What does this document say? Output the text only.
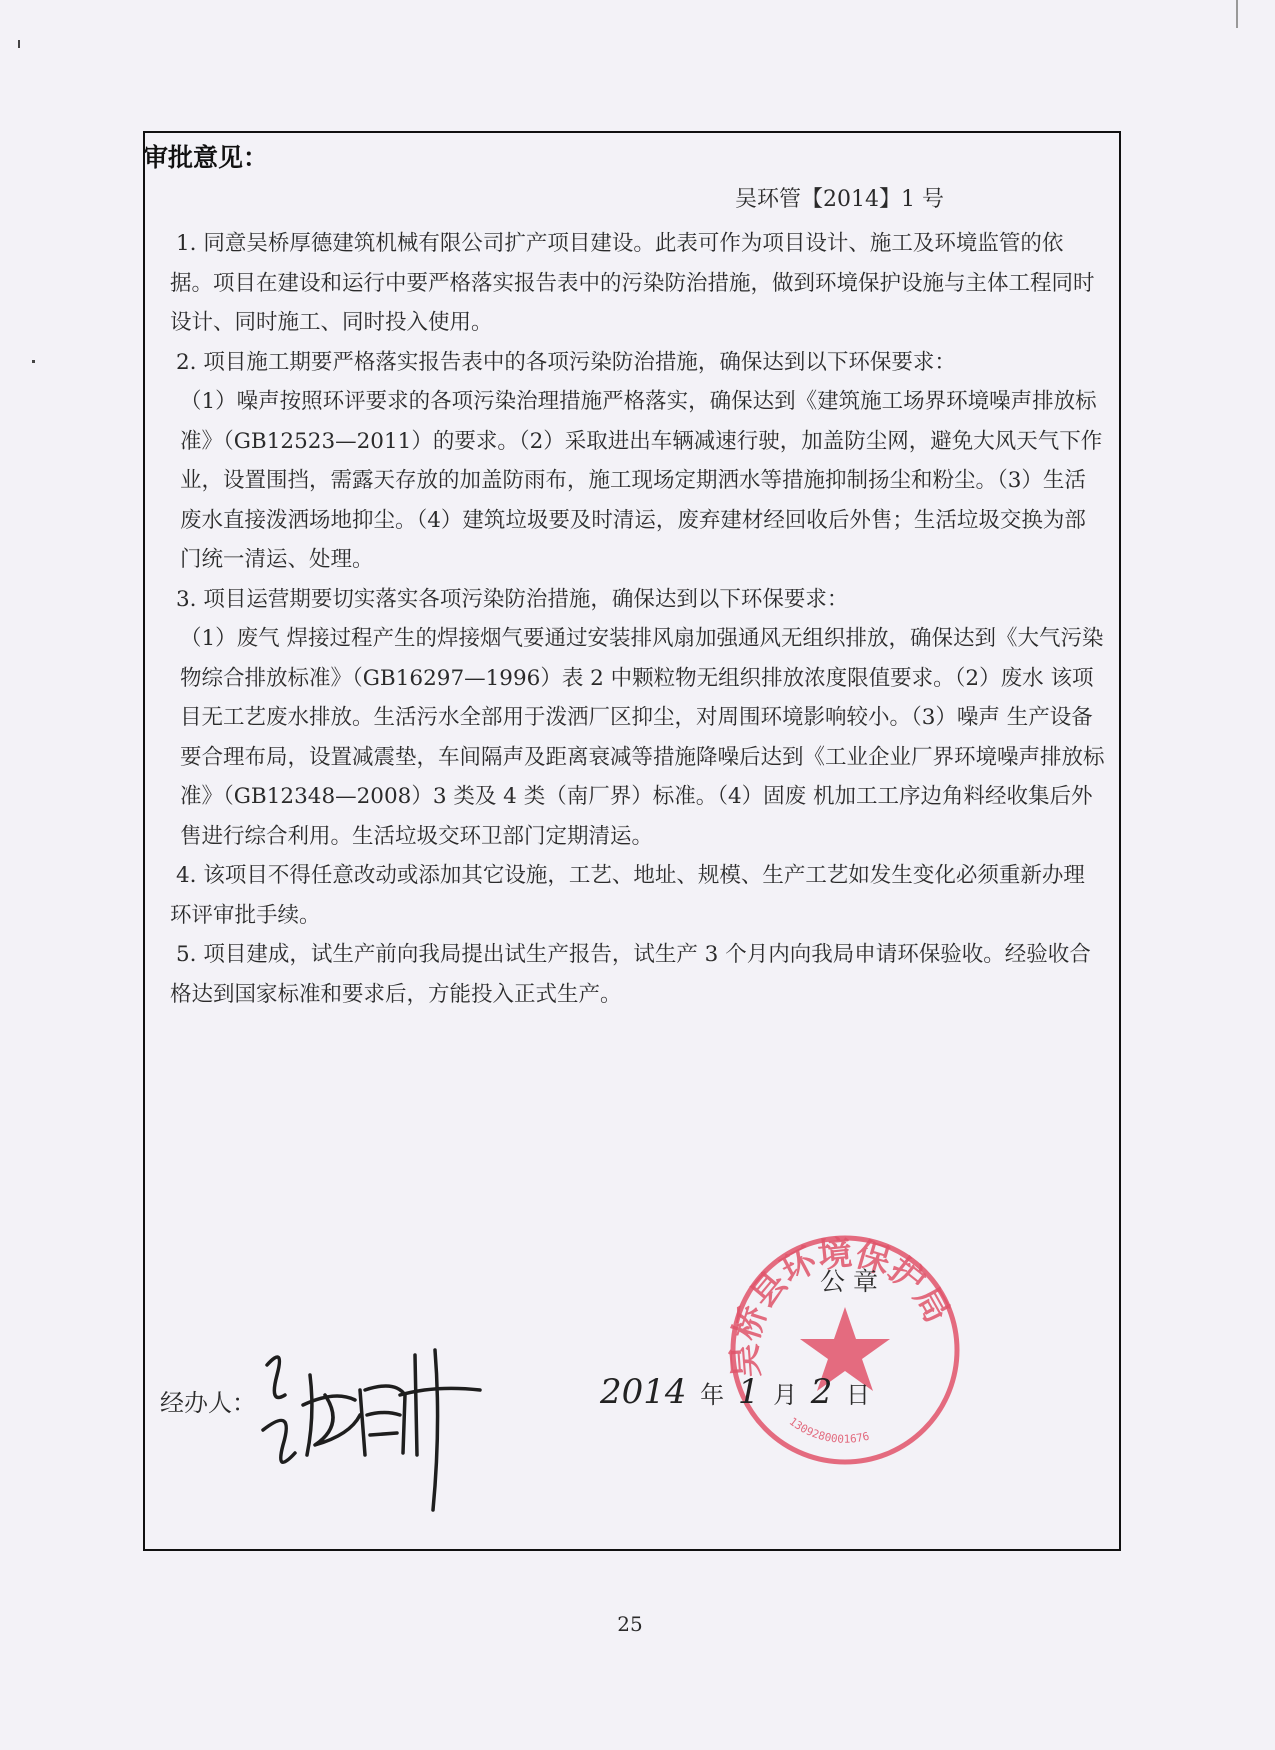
审批意见：
吴环管【2014】1 号

1. 同意吴桥厚德建筑机械有限公司扩产项目建设。此表可作为项目设计、施工及环境监管的依据。项目在建设和运行中要严格落实报告表中的污染防治措施，做到环境保护设施与主体工程同时设计、同时施工、同时投入使用。

2. 项目施工期要严格落实报告表中的各项污染防治措施，确保达到以下环保要求：

（1）噪声按照环评要求的各项污染治理措施严格落实，确保达到《建筑施工场界环境噪声排放标准》（GB12523—2011）的要求。（2）采取进出车辆减速行驶，加盖防尘网，避免大风天气下作业，设置围挡，需露天存放的加盖防雨布，施工现场定期洒水等措施抑制扬尘和粉尘。（3）生活废水直接泼洒场地抑尘。（4）建筑垃圾要及时清运，废弃建材经回收后外售；生活垃圾交换为部门统一清运、处理。

3. 项目运营期要切实落实各项污染防治措施，确保达到以下环保要求：

（1）废气 焊接过程产生的焊接烟气要通过安装排风扇加强通风无组织排放，确保达到《大气污染物综合排放标准》（GB16297—1996）表 2 中颗粒物无组织排放浓度限值要求。（2）废水 该项目无工艺废水排放。生活污水全部用于泼洒厂区抑尘，对周围环境影响较小。（3）噪声 生产设备要合理布局，设置减震垫，车间隔声及距离衰减等措施降噪后达到《工业企业厂界环境噪声排放标准》（GB12348—2008）3 类及 4 类（南厂界）标准。（4）固废 机加工工序边角料经收集后外售进行综合利用。生活垃圾交环卫部门定期清运。

4. 该项目不得任意改动或添加其它设施，工艺、地址、规模、生产工艺如发生变化必须重新办理环评审批手续。

5. 项目建成，试生产前向我局提出试生产报告，试生产 3 个月内向我局申请环保验收。经验收合格达到国家标准和要求后，方能投入正式生产。

吴桥县环境保护局
1309280001676
公 章
经办人：	2014 年 1 月 2 日
25
